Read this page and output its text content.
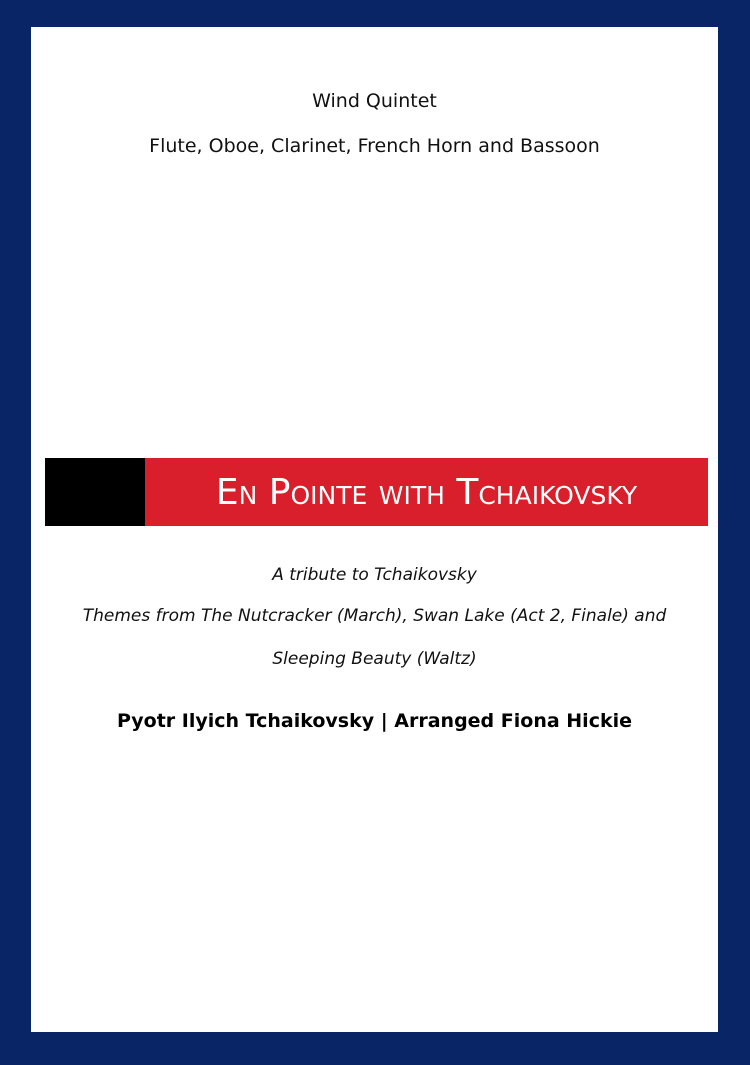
Wind Quintet
Flute, Oboe, Clarinet, French Horn and Bassoon
En Pointe with Tchaikovsky
A tribute to Tchaikovsky
Themes from The Nutcracker (March), Swan Lake (Act 2, Finale) and
Sleeping Beauty (Waltz)
Pyotr Ilyich Tchaikovsky | Arranged Fiona Hickie
